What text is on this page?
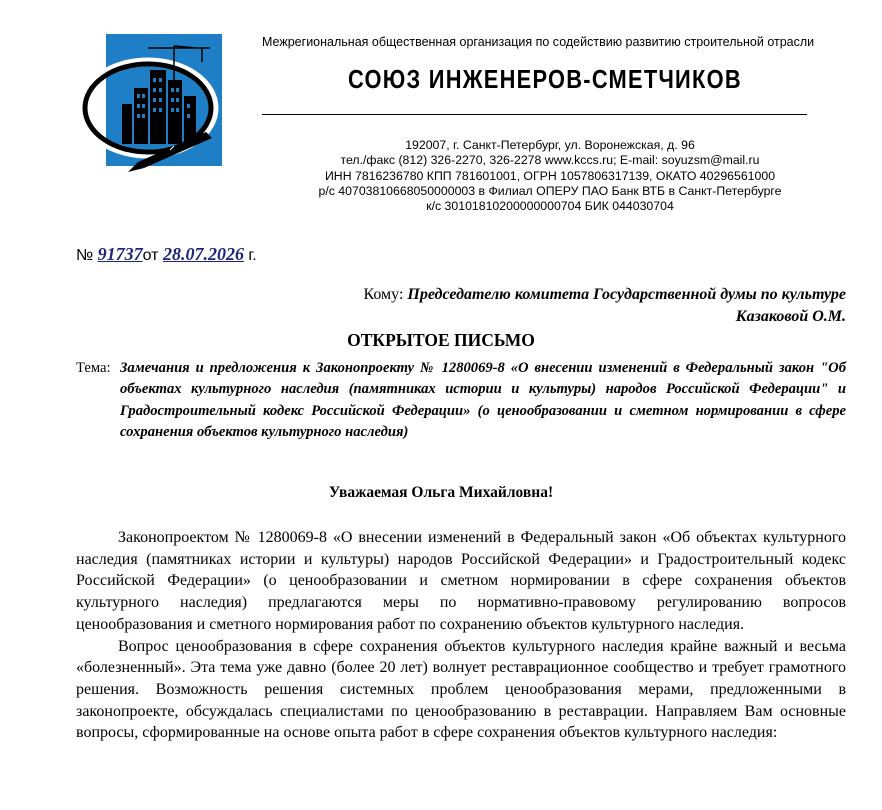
Межрегиональная общественная организация по содействию развитию строительной отрасли
СОЮЗ ИНЖЕНЕРОВ-СМЕТЧИКОВ
192007, г. Санкт-Петербург, ул. Воронежская, д. 96
тел./факс (812) 326-2270, 326-2278 www.kccs.ru; E-mail: soyuzsm@mail.ru
ИНН 7816236780 КПП 781601001, ОГРН 1057806317139, ОКАТО 40296561000
р/с 40703810668050000003 в Филиал ОПЕРУ ПАО Банк ВТБ в Санкт-Петербурге
к/с 30101810200000000704 БИК 044030704
№ 91737от 28.07.2026 г.
Кому: Председателю комитета Государственной думы по культуре
Казаковой О.М.
ОТКРЫТОЕ ПИСЬМО
Тема: Замечания и предложения к Законопроекту № 1280069-8 «О внесении изменений в Федеральный закон "Об объектах культурного наследия (памятниках истории и культуры) народов Российской Федерации" и Градостроительный кодекс Российской Федерации» (о ценообразовании и сметном нормировании в сфере сохранения объектов культурного наследия)
Уважаемая Ольга Михайловна!

Законопроектом № 1280069-8 «О внесении изменений в Федеральный закон «Об объектах культурного наследия (памятниках истории и культуры) народов Российской Федерации» и Градостроительный кодекс Российской Федерации» (о ценообразовании и сметном нормировании в сфере сохранения объектов культурного наследия) предлагаются меры по нормативно-правовому регулированию вопросов ценообразования и сметного нормирования работ по сохранению объектов культурного наследия.

Вопрос ценообразования в сфере сохранения объектов культурного наследия крайне важный и весьма «болезненный». Эта тема уже давно (более 20 лет) волнует реставрационное сообщество и требует грамотного решения. Возможность решения системных проблем ценообразования мерами, предложенными в законопроекте, обсуждалась специалистами по ценообразованию в реставрации. Направляем Вам основные вопросы, сформированные на основе опыта работ в сфере сохранения объектов культурного наследия:
